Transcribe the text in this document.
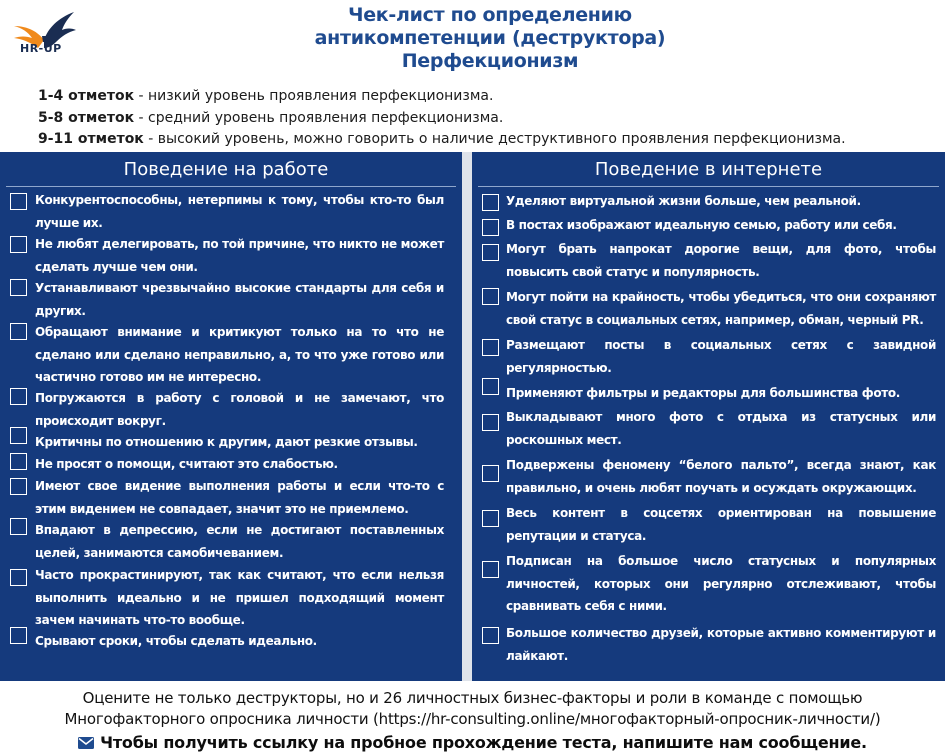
HR-UP
Чек-лист по определению
антикомпетенции (деструктора)
Перфекционизм
1-4 отметок - низкий уровень проявления перфекционизма.
5-8 отметок - средний уровень проявления перфекционизма.
9-11 отметок - высокий уровень, можно говорить о наличие деструктивного проявления перфекционизма.
Поведение на работе
Конкурентоспособны, нетерпимы к тому, чтобы кто-то был лучше их.
Не любят делегировать, по той причине, что никто не может сделать лучше чем они.
Устанавливают чрезвычайно высокие стандарты для себя и других.
Обращают внимание и критикуют только на то что не сделано или сделано неправильно, а, то что уже готово или частично готово им не интересно.
Погружаются в работу с головой и не замечают, что происходит вокруг.
Критичны по отношению к другим, дают резкие отзывы.
Не просят о помощи, считают это слабостью.
Имеют свое видение выполнения работы и если что-то с этим видением не совпадает, значит это не приемлемо.
Впадают в депрессию, если не достигают поставленных целей, занимаются самобичеванием.
Часто прокрастинируют, так как считают, что если нельзя выполнить идеально и не пришел подходящий момент зачем начинать что-то вообще.
Срывают сроки, чтобы сделать идеально.
Поведение в интернете
Уделяют виртуальной жизни больше, чем реальной.
В постах изображают идеальную семью, работу или себя.
Могут брать напрокат дорогие вещи, для фото, чтобы повысить свой статус и популярность.
Могут пойти на крайность, чтобы убедиться, что они сохраняют свой статус в социальных сетях, например, обман, черный PR.
Размещают посты в социальных сетях с завидной регулярностью.
Применяют фильтры и редакторы для большинства фото.
Выкладывают много фото с отдыха из статусных или роскошных мест.
Подвержены феномену “белого пальто”, всегда знают, как правильно, и очень любят поучать и осуждать окружающих.
Весь контент в соцсетях ориентирован на повышение репутации и статуса.
Подписан на большое число статусных и популярных личностей, которых они регулярно отслеживают, чтобы сравнивать себя с ними.
Большое количество друзей, которые активно комментируют и лайкают.
Оцените не только деструкторы, но и 26 личностных бизнес-факторы и роли в команде с помощью
Многофакторного опросника личности (https://hr-consulting.online/многофакторный-опросник-личности/)
Чтобы получить ссылку на пробное прохождение теста, напишите нам сообщение.
